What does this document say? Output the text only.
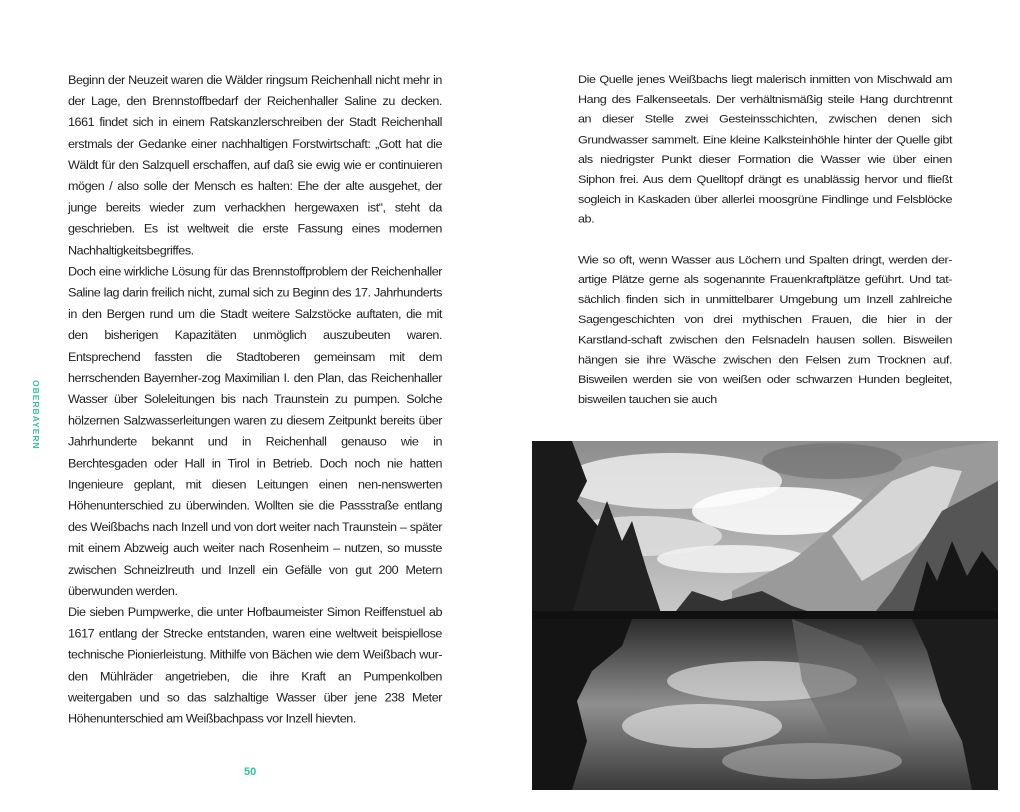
OBERBAYERN

Beginn der Neuzeit waren die Wälder ringsum Reichenhall nicht mehr in der Lage, den Brennstoffbedarf der Reichenhaller Saline zu decken. 1661 findet sich in einem Ratskanzlerschreiben der Stadt Reichenhall erstmals der Gedanke einer nachhaltigen Forstwirtschaft: „Gott hat die Wäldt für den Salzquell erschaffen, auf daß sie ewig wie er continuieren mögen / also solle der Mensch es halten: Ehe der alte ausgehet, der junge bereits wieder zum verhackhen hergewaxen ist“, steht da geschrieben. Es ist weltweit die erste Fassung eines modernen Nachhaltigkeitsbegriffes.

Doch eine wirkliche Lösung für das Brennstoffproblem der Reichenhaller Saline lag darin freilich nicht, zumal sich zu Beginn des 17. Jahrhunderts in den Bergen rund um die Stadt weitere Salzstöcke auftaten, die mit den bisherigen Kapazitäten unmöglich auszubeuten waren. Entsprechend fassten die Stadtoberen gemeinsam mit dem herrschenden Bayernher-zog Maximilian I. den Plan, das Reichenhaller Wasser über Soleleitungen bis nach Traunstein zu pumpen. Solche hölzernen Salzwasserleitungen waren zu diesem Zeitpunkt bereits über Jahrhunderte bekannt und in Reichenhall genauso wie in Berchtesgaden oder Hall in Tirol in Betrieb. Doch noch nie hatten Ingenieure geplant, mit diesen Leitungen einen nen-nenswerten Höhenunterschied zu überwinden. Wollten sie die Passstraße entlang des Weißbachs nach Inzell und von dort weiter nach Traunstein – später mit einem Abzweig auch weiter nach Rosenheim – nutzen, so musste zwischen Schneizlreuth und Inzell ein Gefälle von gut 200 Metern überwunden werden.

Die sieben Pumpwerke, die unter Hofbaumeister Simon Reiffenstuel ab 1617 entlang der Strecke entstanden, waren eine weltweit beispiellose technische Pionierleistung. Mithilfe von Bächen wie dem Weißbach wur-den Mühlräder angetrieben, die ihre Kraft an Pumpenkolben weitergaben und so das salzhaltige Wasser über jene 238 Meter Höhenunterschied am Weißbachpass vor Inzell hievten.

Die Quelle jenes Weißbachs liegt malerisch inmitten von Mischwald am Hang des Falkenseetals. Der verhältnismäßig steile Hang durchtrennt an dieser Stelle zwei Gesteinsschichten, zwischen denen sich Grundwasser sammelt. Eine kleine Kalksteinhöhle hinter der Quelle gibt als niedrigster Punkt dieser Formation die Wasser wie über einen Siphon frei. Aus dem Quelltopf drängt es unablässig hervor und fließt sogleich in Kaskaden über allerlei moosgrüne Findlinge und Felsblöcke ab.

Wie so oft, wenn Wasser aus Löchern und Spalten dringt, werden der-artige Plätze gerne als sogenannte Frauenkraftplätze geführt. Und tat-sächlich finden sich in unmittelbarer Umgebung um Inzell zahlreiche Sagengeschichten von drei mythischen Frauen, die hier in der Karstland-schaft zwischen den Felsnadeln hausen sollen. Bisweilen hängen sie ihre Wäsche zwischen den Felsen zum Trocknen auf. Bisweilen werden sie von weißen oder schwarzen Hunden begleitet, bisweilen tauchen sie auch

50
